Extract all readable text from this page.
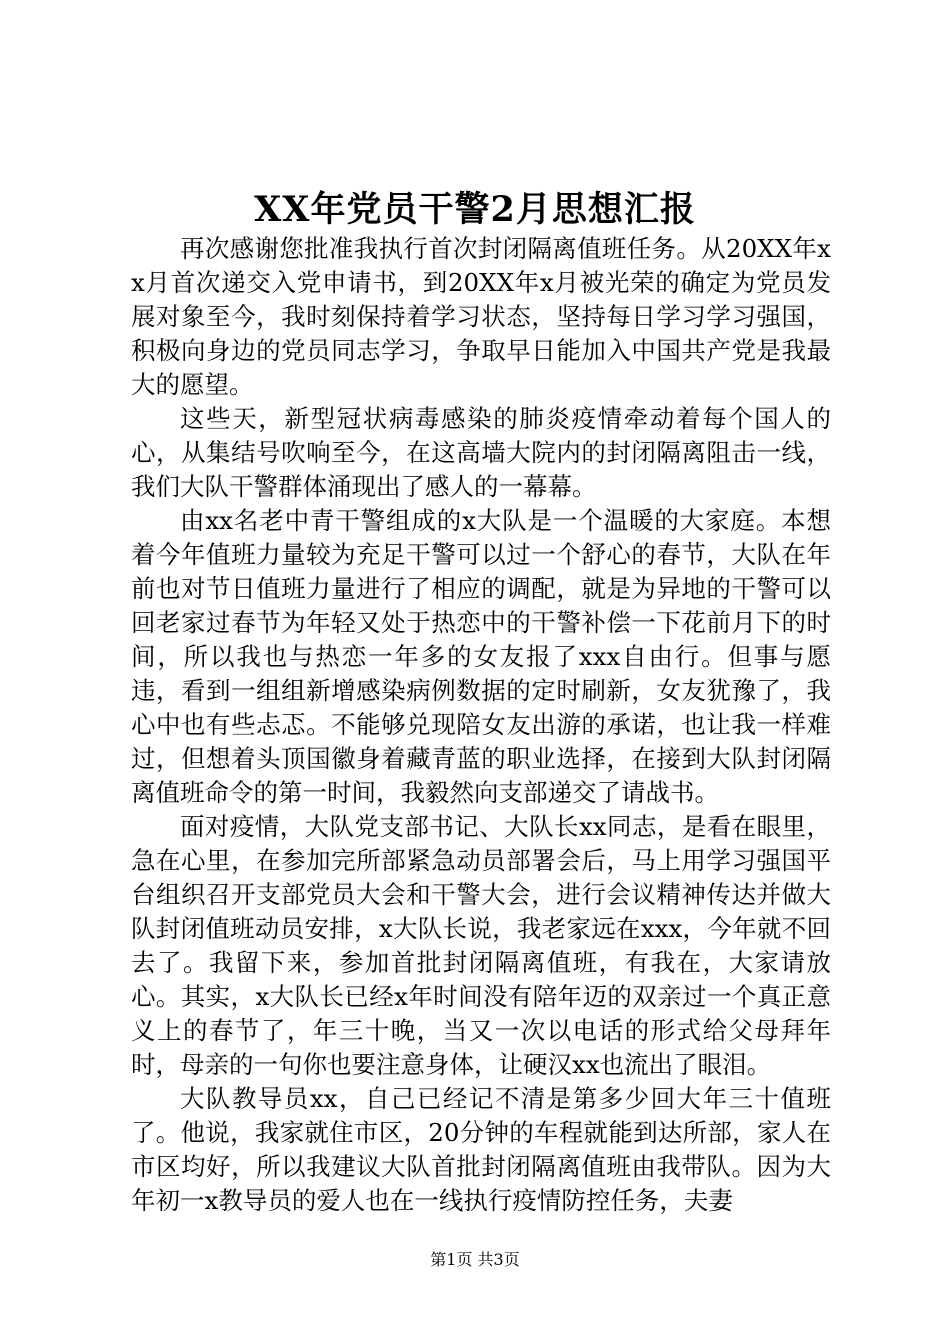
XX年党员干警2月思想汇报

再次感谢您批准我执行首次封闭隔离值班任务。从20XX年xx月首次递交入党申请书，到20XX年x月被光荣的确定为党员发展对象至今，我时刻保持着学习状态，坚持每日学习学习强国，积极向身边的党员同志学习，争取早日能加入中国共产党是我最大的愿望。

这些天，新型冠状病毒感染的肺炎疫情牵动着每个国人的心，从集结号吹响至今，在这高墙大院内的封闭隔离阻击一线，我们大队干警群体涌现出了感人的一幕幕。

由xx名老中青干警组成的x大队是一个温暖的大家庭。本想着今年值班力量较为充足干警可以过一个舒心的春节，大队在年前也对节日值班力量进行了相应的调配，就是为异地的干警可以回老家过春节为年轻又处于热恋中的干警补偿一下花前月下的时间，所以我也与热恋一年多的女友报了xxx自由行。但事与愿违，看到一组组新增感染病例数据的定时刷新，女友犹豫了，我心中也有些忐忑。不能够兑现陪女友出游的承诺，也让我一样难过，但想着头顶国徽身着藏青蓝的职业选择，在接到大队封闭隔离值班命令的第一时间，我毅然向支部递交了请战书。

面对疫情，大队党支部书记、大队长xx同志，是看在眼里，急在心里，在参加完所部紧急动员部署会后，马上用学习强国平台组织召开支部党员大会和干警大会，进行会议精神传达并做大队封闭值班动员安排，x大队长说，我老家远在xxx，今年就不回去了。我留下来，参加首批封闭隔离值班，有我在，大家请放心。其实，x大队长已经x年时间没有陪年迈的双亲过一个真正意义上的春节了，年三十晚，当又一次以电话的形式给父母拜年时，母亲的一句你也要注意身体，让硬汉xx也流出了眼泪。

大队教导员xx，自己已经记不清是第多少回大年三十值班了。他说，我家就住市区，20分钟的车程就能到达所部，家人在市区均好，所以我建议大队首批封闭隔离值班由我带队。因为大年初一x教导员的爱人也在一线执行疫情防控任务，夫妻

第1页 共3页
